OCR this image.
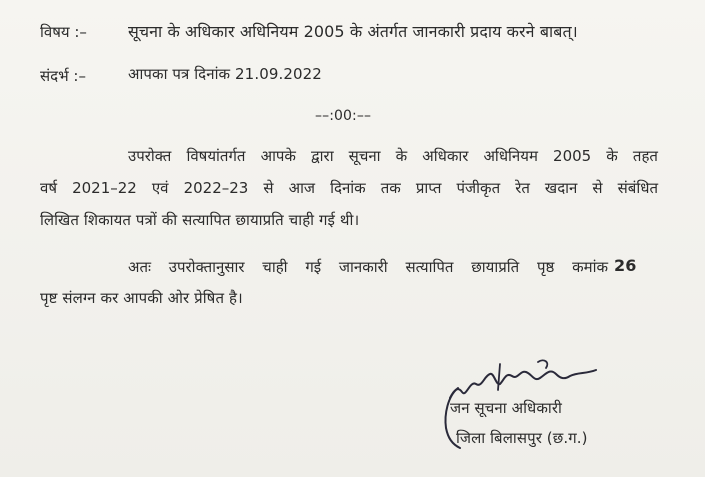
विषय :–	सूचना के अधिकार अधिनियम 2005 के अंतर्गत जानकारी प्रदाय करने बाबत्।
संदर्भ :–	आपका पत्र दिनांक 21.09.2022
––:00:––
उपरोक्त विषयांतर्गत आपके द्वारा सूचना के अधिकार अधिनियम 2005 के तहत
वर्ष 2021–22 एवं 2022–23 से आज दिनांक तक प्राप्त पंजीकृत रेत खदान से संबंधित
लिखित शिकायत पत्रों की सत्यापित छायाप्रति चाही गई थी।
अतः उपरोक्तानुसार चाही गई जानकारी सत्यापित छायाप्रति पृष्ठ कमांक 26
पृष्ट संलग्न कर आपकी ओर प्रेषित है।
जन सूचना अधिकारी
जिला बिलासपुर (छ.ग.)
